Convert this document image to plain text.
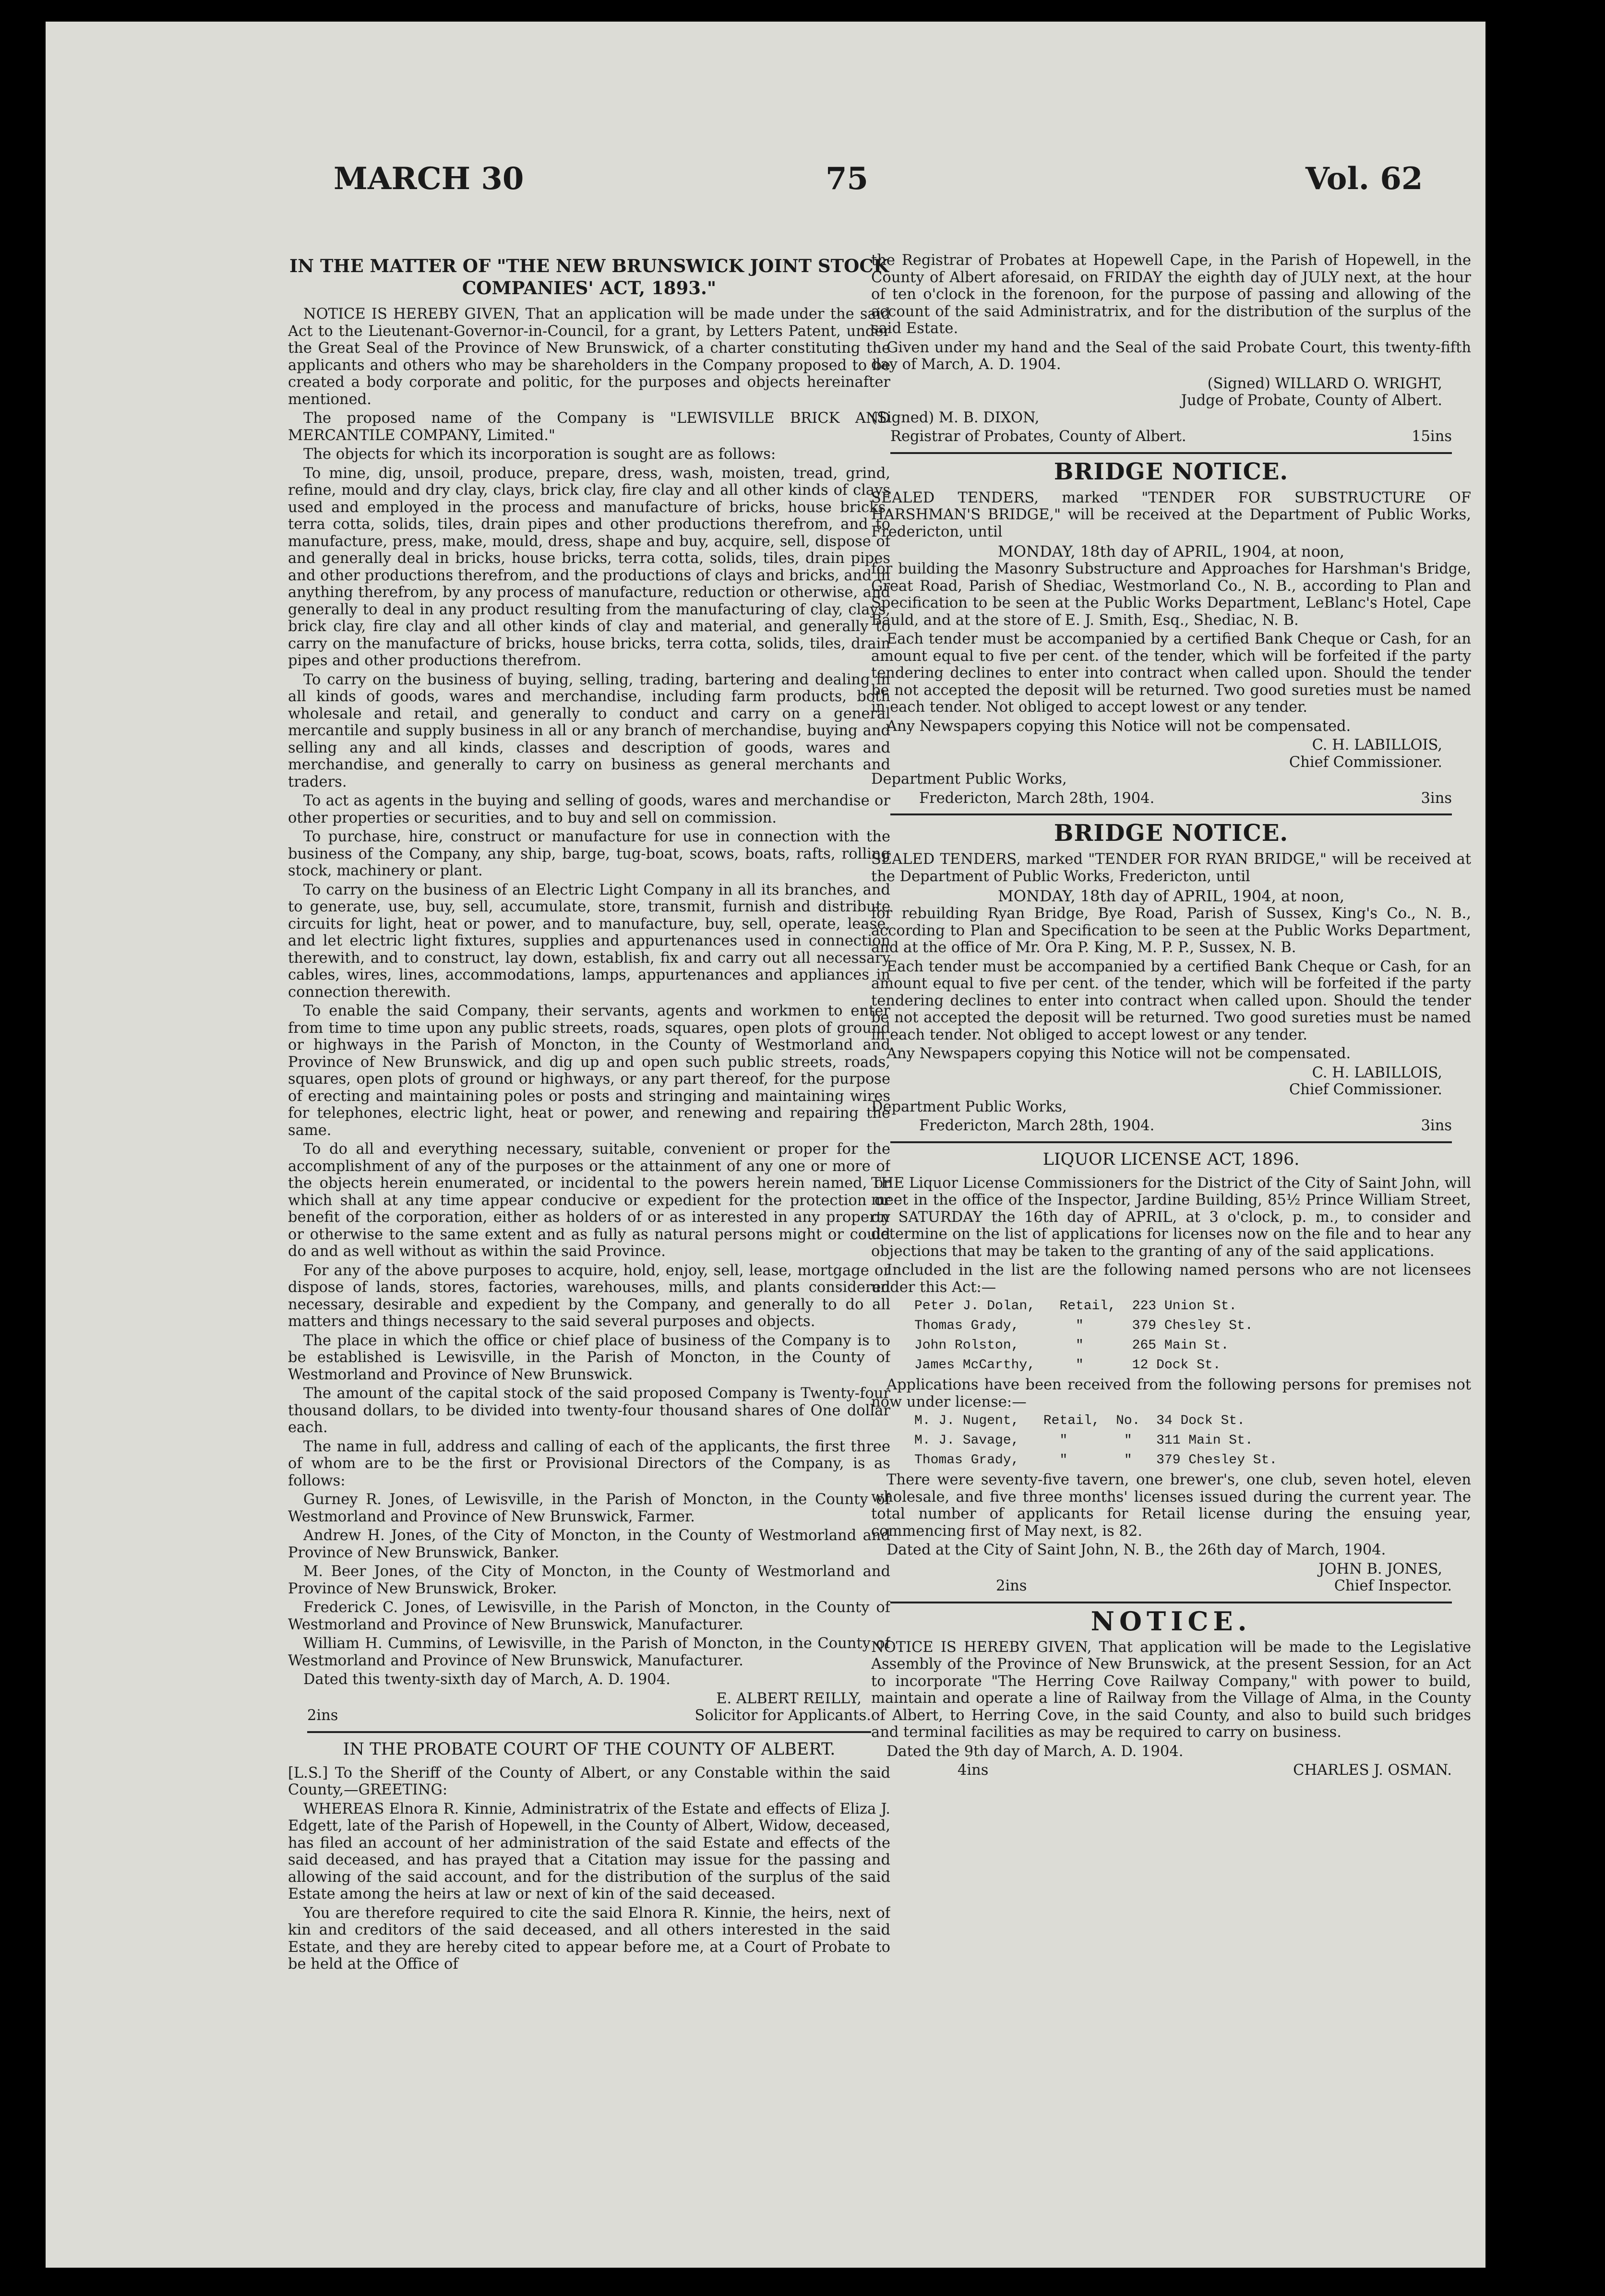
MARCH 30	75	Vol. 62
IN THE MATTER OF "THE NEW BRUNSWICK JOINT STOCK COMPANIES' ACT, 1893."

NOTICE IS HEREBY GIVEN, That an application will be made under the said Act to the Lieutenant-Governor-in-Council, for a grant, by Letters Patent, under the Great Seal of the Province of New Brunswick, of a charter constituting the applicants and others who may be shareholders in the Company proposed to be created a body corporate and politic, for the purposes and objects hereinafter mentioned.

The proposed name of the Company is "LEWISVILLE BRICK AND MERCANTILE COMPANY, Limited."

The objects for which its incorporation is sought are as follows:

To mine, dig, unsoil, produce, prepare, dress, wash, moisten, tread, grind, refine, mould and dry clay, clays, brick clay, fire clay and all other kinds of clays used and employed in the process and manufacture of bricks, house bricks, terra cotta, solids, tiles, drain pipes and other productions therefrom, and to manufacture, press, make, mould, dress, shape and buy, acquire, sell, dispose of and generally deal in bricks, house bricks, terra cotta, solids, tiles, drain pipes and other productions therefrom, and the productions of clays and bricks, and in anything therefrom, by any process of manufacture, reduction or otherwise, and generally to deal in any product resulting from the manufacturing of clay, clays, brick clay, fire clay and all other kinds of clay and material, and generally to carry on the manufacture of bricks, house bricks, terra cotta, solids, tiles, drain pipes and other productions therefrom.

To carry on the business of buying, selling, trading, bartering and dealing in all kinds of goods, wares and merchandise, including farm products, both wholesale and retail, and generally to conduct and carry on a general mercantile and supply business in all or any branch of merchandise, buying and selling any and all kinds, classes and description of goods, wares and merchandise, and generally to carry on business as general merchants and traders.

To act as agents in the buying and selling of goods, wares and merchandise or other properties or securities, and to buy and sell on commission.

To purchase, hire, construct or manufacture for use in connection with the business of the Company, any ship, barge, tug-boat, scows, boats, rafts, rolling stock, machinery or plant.

To carry on the business of an Electric Light Company in all its branches, and to generate, use, buy, sell, accumulate, store, transmit, furnish and distribute circuits for light, heat or power, and to manufacture, buy, sell, operate, lease, and let electric light fixtures, supplies and appurtenances used in connection therewith, and to construct, lay down, establish, fix and carry out all necessary cables, wires, lines, accommodations, lamps, appurtenances and appliances in connection therewith.

To enable the said Company, their servants, agents and workmen to enter from time to time upon any public streets, roads, squares, open plots of ground or highways in the Parish of Moncton, in the County of Westmorland and Province of New Brunswick, and dig up and open such public streets, roads, squares, open plots of ground or highways, or any part thereof, for the purpose of erecting and maintaining poles or posts and stringing and maintaining wires for telephones, electric light, heat or power, and renewing and repairing the same.

To do all and everything necessary, suitable, convenient or proper for the accomplishment of any of the purposes or the attainment of any one or more of the objects herein enumerated, or incidental to the powers herein named, or which shall at any time appear conducive or expedient for the protection or benefit of the corporation, either as holders of or as interested in any property or otherwise to the same extent and as fully as natural persons might or could do and as well without as within the said Province.

For any of the above purposes to acquire, hold, enjoy, sell, lease, mortgage or dispose of lands, stores, factories, warehouses, mills, and plants considered necessary, desirable and expedient by the Company, and generally to do all matters and things necessary to the said several purposes and objects.

The place in which the office or chief place of business of the Company is to be established is Lewisville, in the Parish of Moncton, in the County of Westmorland and Province of New Brunswick.

The amount of the capital stock of the said proposed Company is Twenty-four thousand dollars, to be divided into twenty-four thousand shares of One dollar each.

The name in full, address and calling of each of the applicants, the first three of whom are to be the first or Provisional Directors of the Company, is as follows:

Gurney R. Jones, of Lewisville, in the Parish of Moncton, in the County of Westmorland and Province of New Brunswick, Farmer.

Andrew H. Jones, of the City of Moncton, in the County of Westmorland and Province of New Brunswick, Banker.

M. Beer Jones, of the City of Moncton, in the County of Westmorland and Province of New Brunswick, Broker.

Frederick C. Jones, of Lewisville, in the Parish of Moncton, in the County of Westmorland and Province of New Brunswick, Manufacturer.

William H. Cummins, of Lewisville, in the Parish of Moncton, in the County of Westmorland and Province of New Brunswick, Manufacturer.

Dated this twenty-sixth day of March, A. D. 1904.

E. ALBERT REILLY,
2ins	Solicitor for Applicants.
IN THE PROBATE COURT OF THE COUNTY OF ALBERT.

[L.S.] To the Sheriff of the County of Albert, or any Constable within the said County,—GREETING:

WHEREAS Elnora R. Kinnie, Administratrix of the Estate and effects of Eliza J. Edgett, late of the Parish of Hopewell, in the County of Albert, Widow, deceased, has filed an account of her administration of the said Estate and effects of the said deceased, and has prayed that a Citation may issue for the passing and allowing of the said account, and for the distribution of the surplus of the said Estate among the heirs at law or next of kin of the said deceased.

You are therefore required to cite the said Elnora R. Kinnie, the heirs, next of kin and creditors of the said deceased, and all others interested in the said Estate, and they are hereby cited to appear before me, at a Court of Probate to be held at the Office of

the Registrar of Probates at Hopewell Cape, in the Parish of Hopewell, in the County of Albert aforesaid, on FRIDAY the eighth day of JULY next, at the hour of ten o'clock in the forenoon, for the purpose of passing and allowing of the account of the said Administratrix, and for the distribution of the surplus of the said Estate.

Given under my hand and the Seal of the said Probate Court, this twenty-fifth day of March, A. D. 1904.

(Signed) WILLARD O. WRIGHT,
Judge of Probate, County of Albert.

(Signed) M. B. DIXON,

Registrar of Probates, County of Albert.	15ins
BRIDGE NOTICE.

SEALED TENDERS, marked "TENDER FOR SUBSTRUCTURE OF HARSHMAN'S BRIDGE," will be received at the Department of Public Works, Fredericton, until

MONDAY, 18th day of APRIL, 1904, at noon,

for building the Masonry Substructure and Approaches for Harshman's Bridge, Great Road, Parish of Shediac, Westmorland Co., N. B., according to Plan and Specification to be seen at the Public Works Department, LeBlanc's Hotel, Cape Bauld, and at the store of E. J. Smith, Esq., Shediac, N. B.

Each tender must be accompanied by a certified Bank Cheque or Cash, for an amount equal to five per cent. of the tender, which will be forfeited if the party tendering declines to enter into contract when called upon. Should the tender be not accepted the deposit will be returned. Two good sureties must be named in each tender. Not obliged to accept lowest or any tender.

Any Newspapers copying this Notice will not be compensated.

C. H. LABILLOIS,
Chief Commissioner.

Department Public Works,

Fredericton, March 28th, 1904.	3ins
BRIDGE NOTICE.

SEALED TENDERS, marked "TENDER FOR RYAN BRIDGE," will be received at the Department of Public Works, Fredericton, until

MONDAY, 18th day of APRIL, 1904, at noon,

for rebuilding Ryan Bridge, Bye Road, Parish of Sussex, King's Co., N. B., according to Plan and Specification to be seen at the Public Works Department, and at the office of Mr. Ora P. King, M. P. P., Sussex, N. B.

Each tender must be accompanied by a certified Bank Cheque or Cash, for an amount equal to five per cent. of the tender, which will be forfeited if the party tendering declines to enter into contract when called upon. Should the tender be not accepted the deposit will be returned. Two good sureties must be named in each tender. Not obliged to accept lowest or any tender.

Any Newspapers copying this Notice will not be compensated.

C. H. LABILLOIS,
Chief Commissioner.

Department Public Works,

Fredericton, March 28th, 1904.	3ins
LIQUOR LICENSE ACT, 1896.

THE Liquor License Commissioners for the District of the City of Saint John, will meet in the office of the Inspector, Jardine Building, 85½ Prince William Street, on SATURDAY the 16th day of APRIL, at 3 o'clock, p. m., to consider and determine on the list of applications for licenses now on the file and to hear any objections that may be taken to the granting of any of the said applications.

Included in the list are the following named persons who are not licensees under this Act:—

Peter J. Dolan,   Retail,  223 Union St.
Thomas Grady,       "      379 Chesley St.
John Rolston,       "      265 Main St.
James McCarthy,     "      12 Dock St.

Applications have been received from the following persons for premises not now under license:—

M. J. Nugent,   Retail,  No.  34 Dock St.
M. J. Savage,     "       "   311 Main St.
Thomas Grady,     "       "   379 Chesley St.

There were seventy-five tavern, one brewer's, one club, seven hotel, eleven wholesale, and five three months' licenses issued during the current year. The total number of applicants for Retail license during the ensuing year, commencing first of May next, is 82.

Dated at the City of Saint John, N. B., the 26th day of March, 1904.

JOHN B. JONES,
2ins	Chief Inspector.
NOTICE.

NOTICE IS HEREBY GIVEN, That application will be made to the Legislative Assembly of the Province of New Brunswick, at the present Session, for an Act to incorporate "The Herring Cove Railway Company," with power to build, maintain and operate a line of Railway from the Village of Alma, in the County of Albert, to Herring Cove, in the said County, and also to build such bridges and terminal facilities as may be required to carry on business.

Dated the 9th day of March, A. D. 1904.

4ins	CHARLES J. OSMAN.
